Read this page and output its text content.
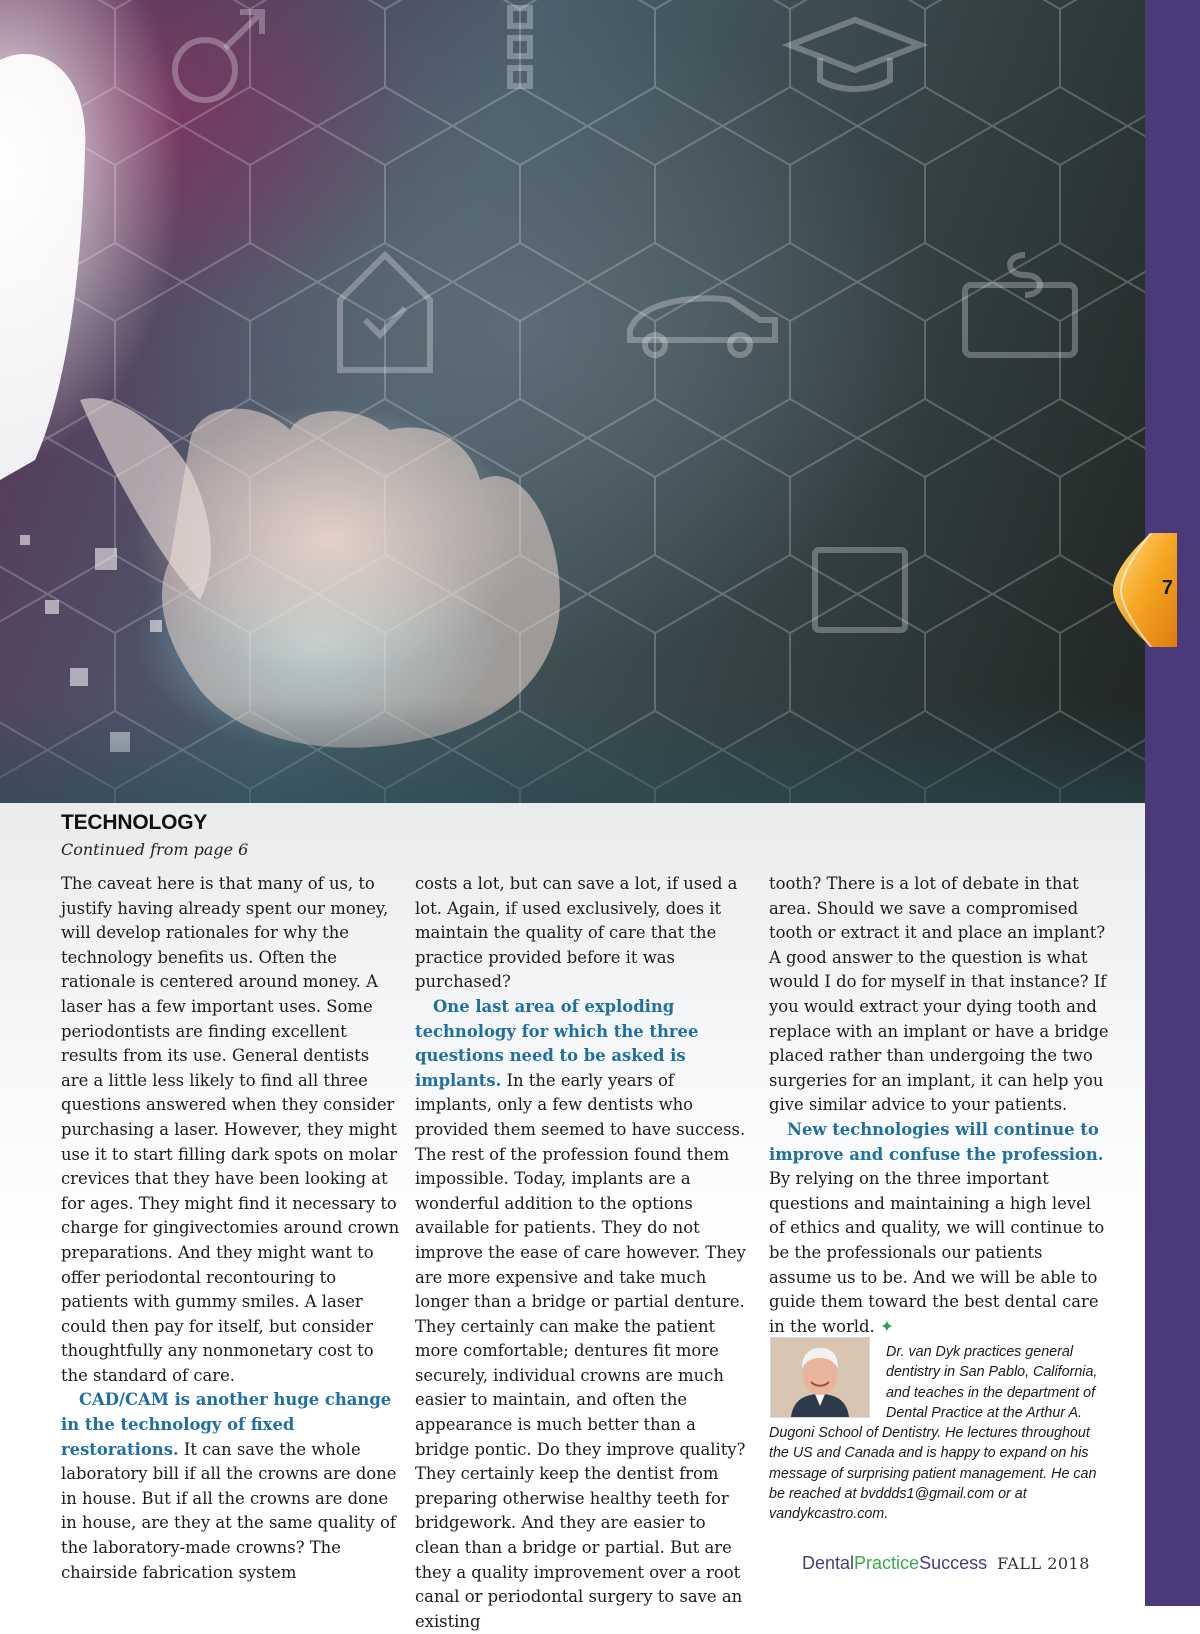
7
TECHNOLOGY
Continued from page 6

The caveat here is that many of us, to justify having already spent our money, will develop rationales for why the technology benefits us. Often the rationale is centered around money. A laser has a few important uses. Some periodontists are finding excellent results from its use. General dentists are a little less likely to find all three questions answered when they consider purchasing a laser. However, they might use it to start filling dark spots on molar crevices that they have been looking at for ages. They might find it necessary to charge for gingivectomies around crown preparations. And they might want to offer periodontal recontouring to patients with gummy smiles. A laser could then pay for itself, but consider thoughtfully any nonmonetary cost to the standard of care.

CAD/CAM is another huge change in the technology of fixed restorations. It can save the whole laboratory bill if all the crowns are done in house. But if all the crowns are done in house, are they at the same quality of the laboratory-made crowns? The chairside fabrication system

costs a lot, but can save a lot, if used a lot. Again, if used exclusively, does it maintain the quality of care that the practice provided before it was purchased?

One last area of exploding technology for which the three questions need to be asked is implants. In the early years of implants, only a few dentists who provided them seemed to have success. The rest of the profession found them impossible. Today, implants are a wonderful addition to the options available for patients. They do not improve the ease of care however. They are more expensive and take much longer than a bridge or partial denture. They certainly can make the patient more comfortable; dentures fit more securely, individual crowns are much easier to maintain, and often the appearance is much better than a bridge pontic. Do they improve quality? They certainly keep the dentist from preparing otherwise healthy teeth for bridgework. And they are easier to clean than a bridge or partial. But are they a quality improvement over a root canal or periodontal surgery to save an existing

tooth? There is a lot of debate in that area. Should we save a compromised tooth or extract it and place an implant? A good answer to the question is what would I do for myself in that instance? If you would extract your dying tooth and replace with an implant or have a bridge placed rather than undergoing the two surgeries for an implant, it can help you give similar advice to your patients.

New technologies will continue to improve and confuse the profession. By relying on the three important questions and maintaining a high level of ethics and quality, we will continue to be the professionals our patients assume us to be. And we will be able to guide them toward the best dental care in the world. ✦

Dr. van Dyk practices general dentistry in San Pablo, California, and teaches in the department of Dental Practice at the Arthur A. Dugoni School of Dentistry. He lectures throughout the US and Canada and is happy to expand on his message of surprising patient management. He can be reached at bvddds1@gmail.com or at vandykcastro.com.
DentalPracticeSuccess FALL 2018
